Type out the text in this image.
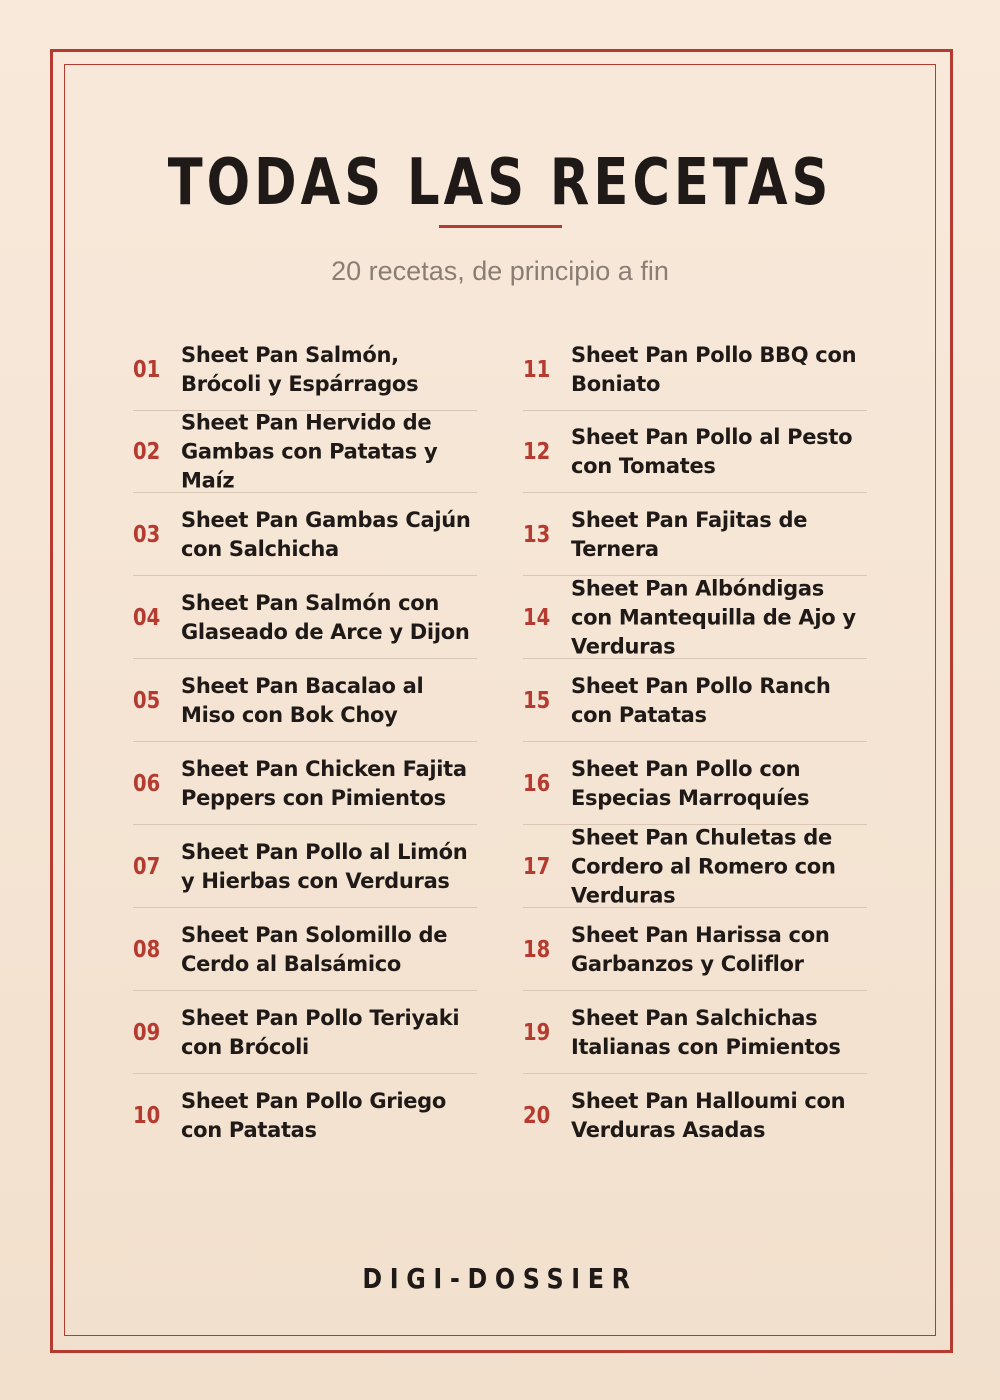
TODAS LAS RECETAS
20 recetas, de principio a fin
01
Sheet Pan Salmón, Brócoli y Espárragos
02
Sheet Pan Hervido de Gambas con Patatas y Maíz
03
Sheet Pan Gambas Cajún con Salchicha
04
Sheet Pan Salmón con Glaseado de Arce y Dijon
05
Sheet Pan Bacalao al Miso con Bok Choy
06
Sheet Pan Chicken Fajita Peppers con Pimientos
07
Sheet Pan Pollo al Limón y Hierbas con Verduras
08
Sheet Pan Solomillo de Cerdo al Balsámico
09
Sheet Pan Pollo Teriyaki con Brócoli
10
Sheet Pan Pollo Griego con Patatas
11
Sheet Pan Pollo BBQ con Boniato
12
Sheet Pan Pollo al Pesto con Tomates
13
Sheet Pan Fajitas de Ternera
14
Sheet Pan Albóndigas con Mantequilla de Ajo y Verduras
15
Sheet Pan Pollo Ranch con Patatas
16
Sheet Pan Pollo con Especias Marroquíes
17
Sheet Pan Chuletas de Cordero al Romero con Verduras
18
Sheet Pan Harissa con Garbanzos y Coliflor
19
Sheet Pan Salchichas Italianas con Pimientos
20
Sheet Pan Halloumi con Verduras Asadas
DIGI-DOSSIER
